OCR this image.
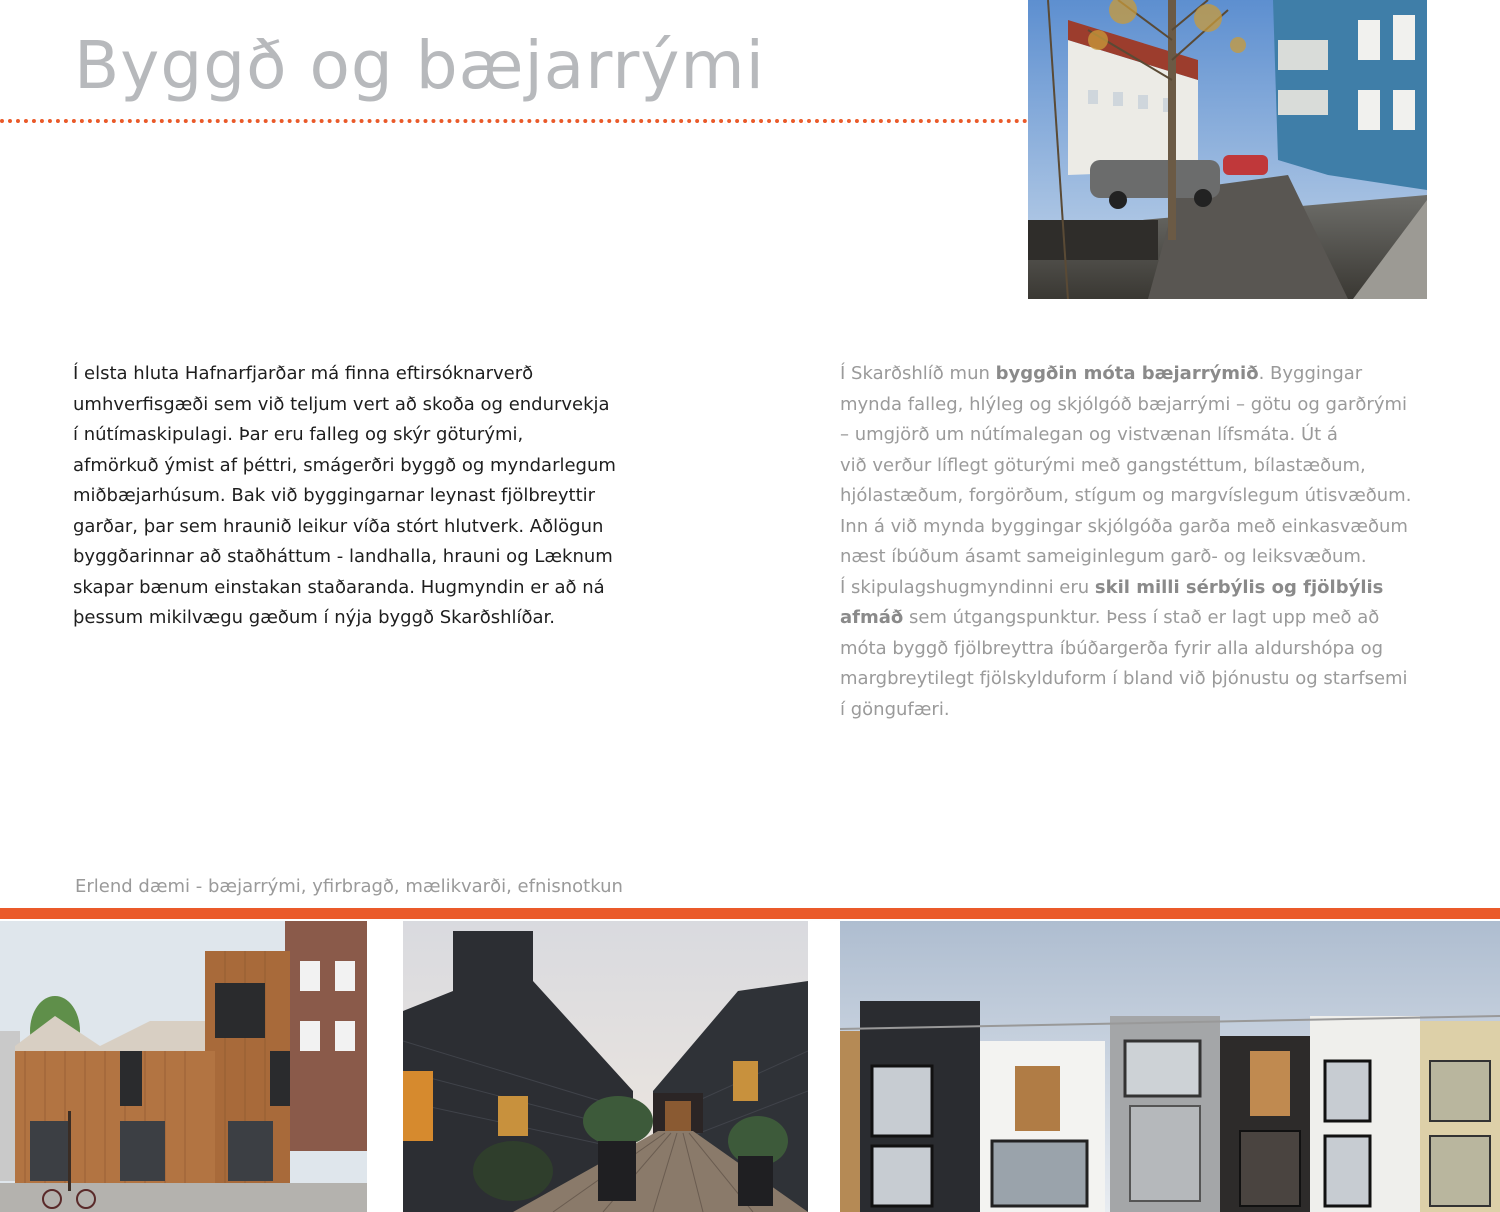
Byggð og bæjarrými
Í elsta hluta Hafnarfjarðar má finna eftirsóknarverð
umhverfisgæði sem við teljum vert að skoða og endurvekja
í nútímaskipulagi. Þar eru falleg og skýr göturými,
afmörkuð ýmist af þéttri, smágerðri byggð og myndarlegum
miðbæjarhúsum. Bak við byggingarnar leynast fjölbreyttir
garðar, þar sem hraunið leikur víða stórt hlutverk. Aðlögun
byggðarinnar að staðháttum - landhalla, hrauni og Læknum
skapar bænum einstakan staðaranda. Hugmyndin er að ná
þessum mikilvægu gæðum í nýja byggð Skarðshlíðar.
Í Skarðshlíð mun byggðin móta bæjarrýmið. Byggingar
mynda falleg, hlýleg og skjólgóð bæjarrými – götu og garðrými
– umgjörð um nútímalegan og vistvænan lífsmáta. Út á
við verður líflegt göturými með gangstéttum, bílastæðum,
hjólastæðum, forgörðum, stígum og margvíslegum útisvæðum.
Inn á við mynda byggingar skjólgóða garða með einkasvæðum
næst íbúðum ásamt sameiginlegum garð- og leiksvæðum.
Í skipulagshugmyndinni eru skil milli sérbýlis og fjölbýlis
afmáð sem útgangspunktur. Þess í stað er lagt upp með að
móta byggð fjölbreyttra íbúðargerða fyrir alla aldurshópa og
margbreytilegt fjölskylduform í bland við þjónustu og starfsemi
í göngufæri.
Erlend dæmi - bæjarrými, yfirbragð, mælikvarði, efnisnotkun
